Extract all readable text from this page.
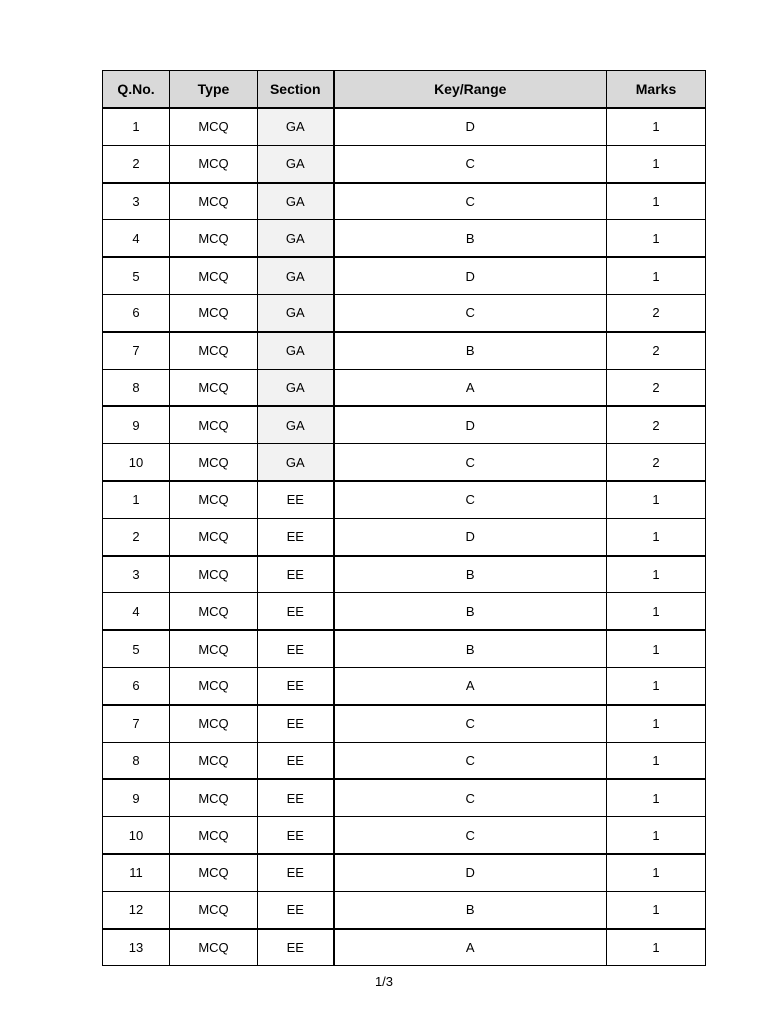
Q.No.	Type	Section	Key/Range	Marks
1	MCQ	GA	D	1
2	MCQ	GA	C	1
3	MCQ	GA	C	1
4	MCQ	GA	B	1
5	MCQ	GA	D	1
6	MCQ	GA	C	2
7	MCQ	GA	B	2
8	MCQ	GA	A	2
9	MCQ	GA	D	2
10	MCQ	GA	C	2
1	MCQ	EE	C	1
2	MCQ	EE	D	1
3	MCQ	EE	B	1
4	MCQ	EE	B	1
5	MCQ	EE	B	1
6	MCQ	EE	A	1
7	MCQ	EE	C	1
8	MCQ	EE	C	1
9	MCQ	EE	C	1
10	MCQ	EE	C	1
11	MCQ	EE	D	1
12	MCQ	EE	B	1
13	MCQ	EE	A	1
1/3
